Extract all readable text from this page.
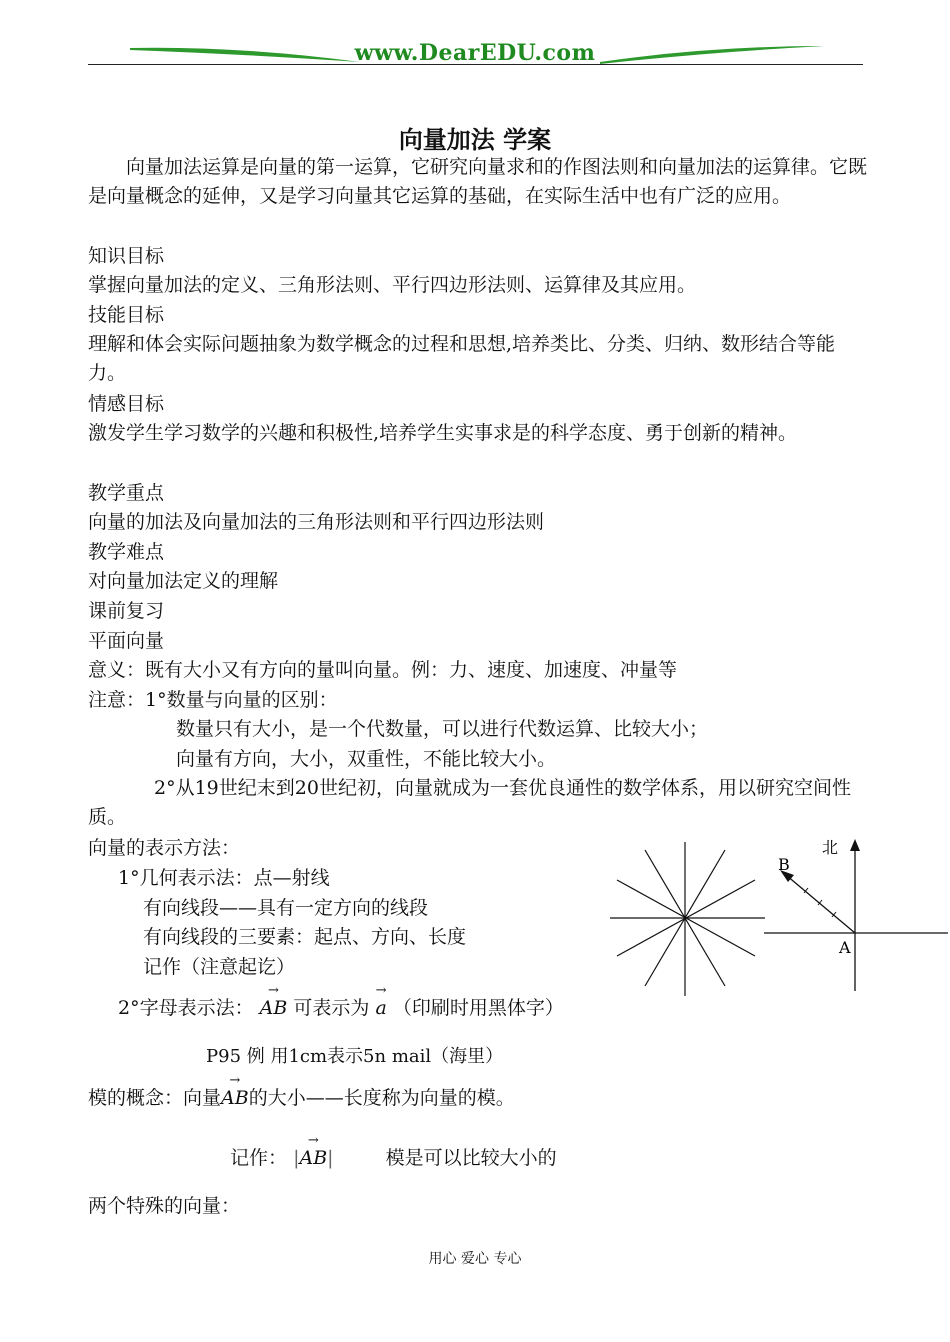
www.DearEDU.com
向量加法 学案
向量加法运算是向量的第一运算，它研究向量求和的作图法则和向量加法的运算律。它既是向量概念的延伸，又是学习向量其它运算的基础，在实际生活中也有广泛的应用。
知识目标
掌握向量加法的定义、三角形法则、平行四边形法则、运算律及其应用。
技能目标
理解和体会实际问题抽象为数学概念的过程和思想,培养类比、分类、归纳、数形结合等能力。
情感目标
激发学生学习数学的兴趣和积极性,培养学生实事求是的科学态度、勇于创新的精神。
教学重点
向量的加法及向量加法的三角形法则和平行四边形法则
教学难点
对向量加法定义的理解
课前复习
平面向量
意义：既有大小又有方向的量叫向量。例：力、速度、加速度、冲量等
注意：1°数量与向量的区别：
数量只有大小，是一个代数量，可以进行代数运算、比较大小；
向量有方向，大小，双重性，不能比较大小。
2°从19世纪末到20世纪初，向量就成为一套优良通性的数学体系，用以研究空间性质。
向量的表示方法：
1°几何表示法：点—射线
有向线段——具有一定方向的线段
有向线段的三要素：起点、方向、长度
记作（注意起讫）
2°字母表示法：
→
AB 可表示为
→
a （印刷时用黑体字）
P95 例 用1cm表示5n mail（海里）
模的概念：向量
→
AB的大小——长度称为向量的模。
记作： |
→
AB|	模是可以比较大小的
两个特殊的向量：
北
B
A
用心 爱心 专心
